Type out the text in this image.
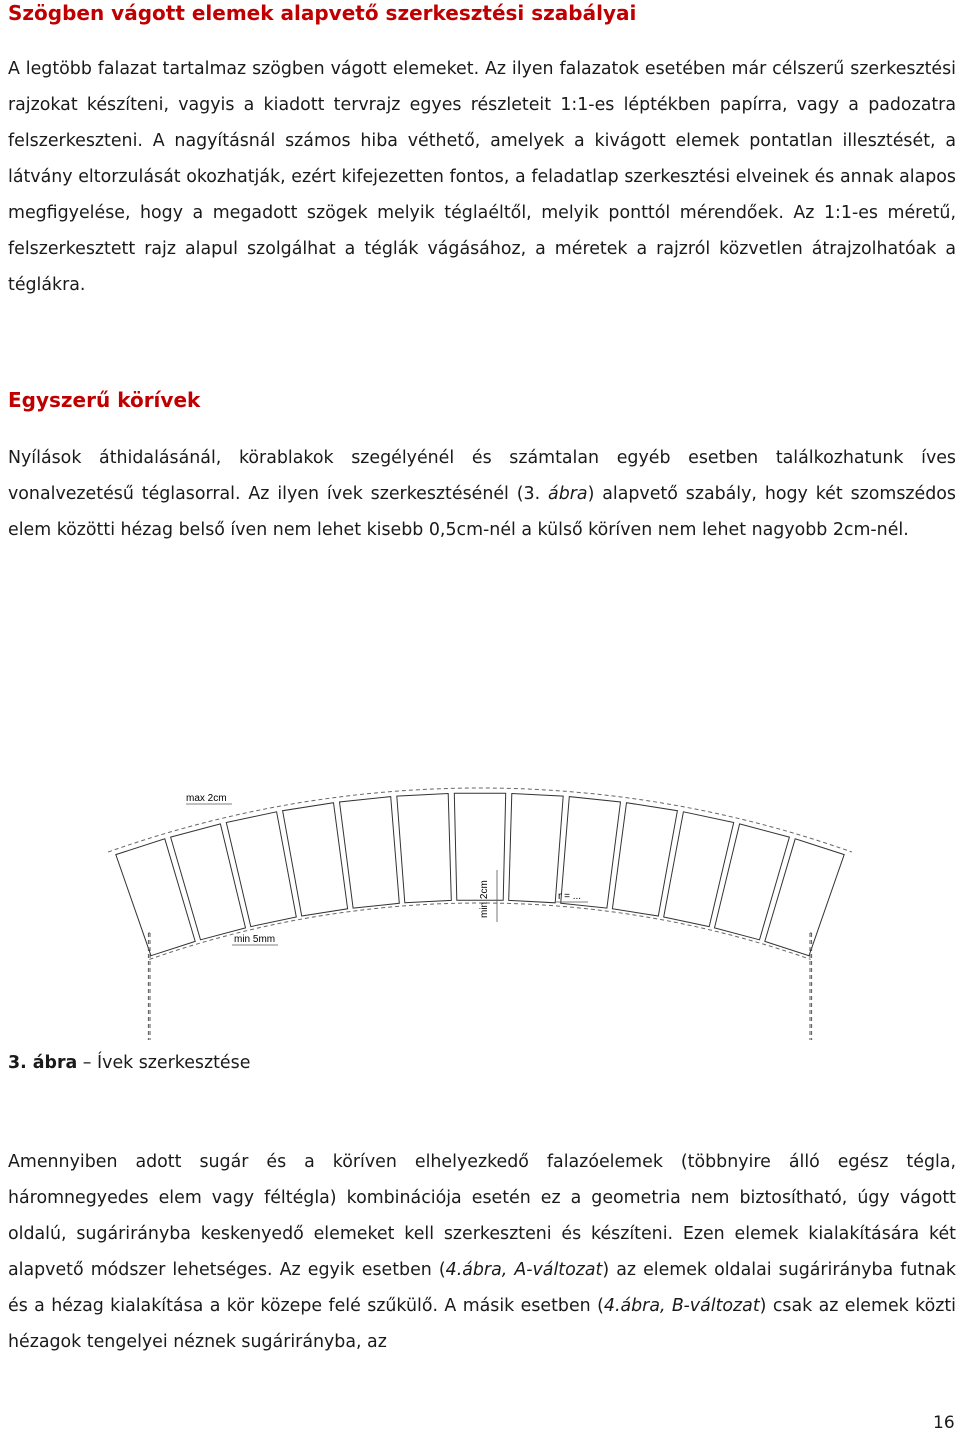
Szögben vágott elemek alapvető szerkesztési szabályai

A legtöbb falazat tartalmaz szögben vágott elemeket. Az ilyen falazatok esetében már célszerű szerkesztési rajzokat készíteni, vagyis a kiadott tervrajz egyes részleteit 1:1-es léptékben papírra, vagy a padozatra felszerkeszteni. A nagyításnál számos hiba véthető, amelyek a kivágott elemek pontatlan illesztését, a látvány eltorzulását okozhatják, ezért kifejezetten fontos, a feladatlap szerkesztési elveinek és annak alapos megfigyelése, hogy a megadott szögek melyik téglaéltől, melyik ponttól mérendőek. Az 1:1-es méretű, felszerkesztett rajz alapul szolgálhat a téglák vágásához, a méretek a rajzról közvetlen átrajzolhatóak a téglákra.

Egyszerű körívek

Nyílások áthidalásánál, körablakok szegélyénél és számtalan egyéb esetben találkozhatunk íves vonalvezetésű téglasorral. Az ilyen ívek szerkesztésénél (3. ábra) alapvető szabály, hogy két szomszédos elem közötti hézag belső íven nem lehet kisebb 0,5cm-nél a külső köríven nem lehet nagyobb 2cm-nél.

max 2cm
min 2cm	r = ...
min 5mm

3. ábra – Ívek szerkesztése

Amennyiben adott sugár és a köríven elhelyezkedő falazóelemek (többnyire álló egész tégla, háromnegyedes elem vagy féltégla) kombinációja esetén ez a geometria nem biztosítható, úgy vágott oldalú, sugárirányba keskenyedő elemeket kell szerkeszteni és készíteni. Ezen elemek kialakítására két alapvető módszer lehetséges. Az egyik esetben (4.ábra, A-változat) az elemek oldalai sugárirányba futnak és a hézag kialakítása a kör közepe felé szűkülő. A másik esetben (4.ábra, B-változat) csak az elemek közti hézagok tengelyei néznek sugárirányba, az

16
